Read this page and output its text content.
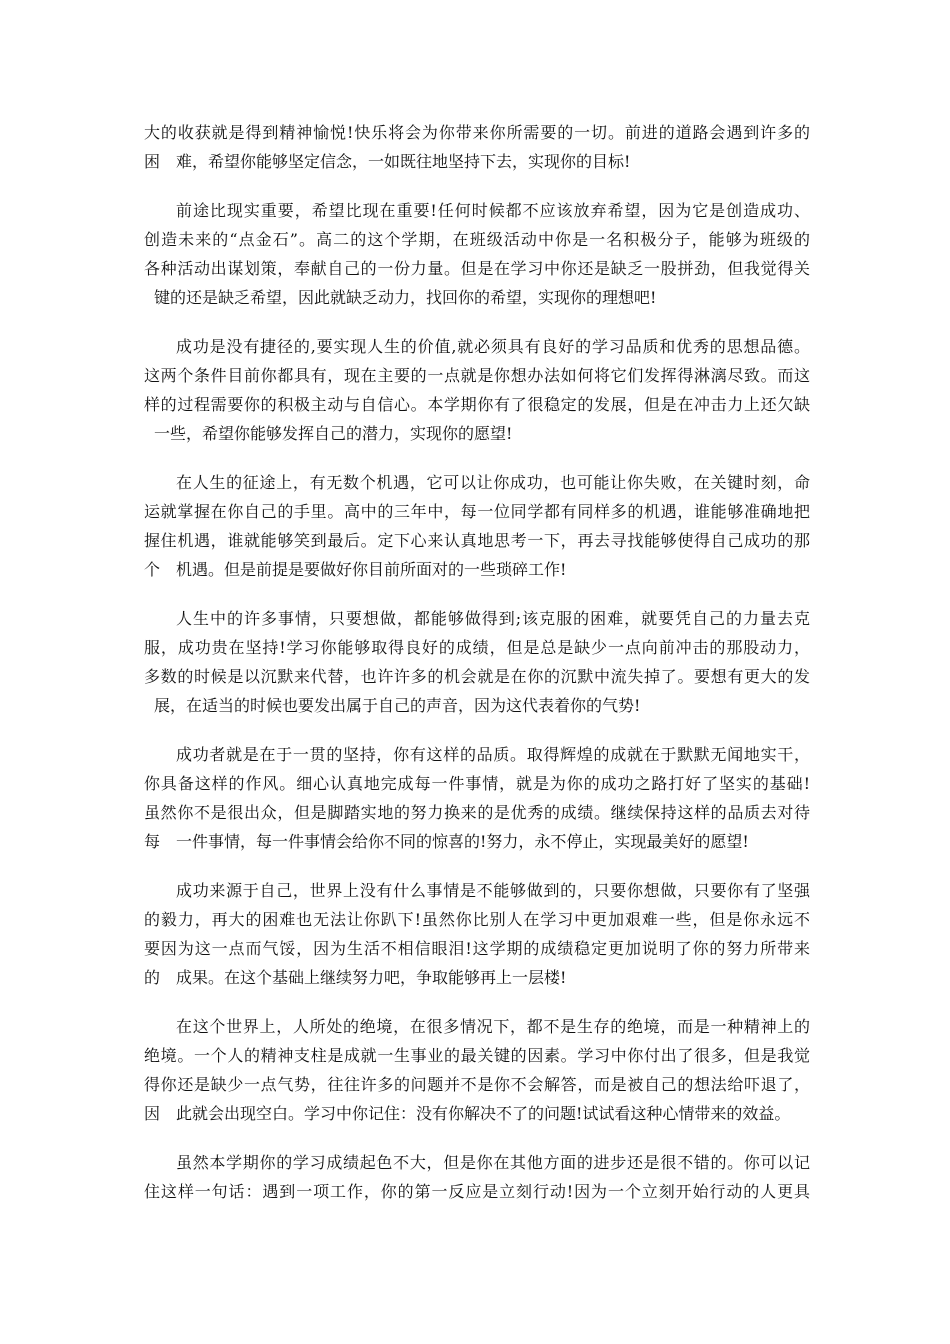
大的收获就是得到精神愉悦!快乐将会为你带来你所需要的一切。前进的道路会遇到许多的
困　难，希望你能够坚定信念，一如既往地坚持下去，实现你的目标!
前途比现实重要，希望比现在重要!任何时候都不应该放弃希望，因为它是创造成功、
创造未来的“点金石”。高二的这个学期，在班级活动中你是一名积极分子，能够为班级的
各种活动出谋划策，奉献自己的一份力量。但是在学习中你还是缺乏一股拼劲，但我觉得关
键的还是缺乏希望，因此就缺乏动力，找回你的希望，实现你的理想吧!
成功是没有捷径的,要实现人生的价值,就必须具有良好的学习品质和优秀的思想品德。
这两个条件目前你都具有，现在主要的一点就是你想办法如何将它们发挥得淋漓尽致。而这
样的过程需要你的积极主动与自信心。本学期你有了很稳定的发展，但是在冲击力上还欠缺
一些，希望你能够发挥自己的潜力，实现你的愿望!
在人生的征途上，有无数个机遇，它可以让你成功，也可能让你失败，在关键时刻，命
运就掌握在你自己的手里。高中的三年中，每一位同学都有同样多的机遇，谁能够准确地把
握住机遇，谁就能够笑到最后。定下心来认真地思考一下，再去寻找能够使得自己成功的那
个　机遇。但是前提是要做好你目前所面对的一些琐碎工作!
人生中的许多事情，只要想做，都能够做得到;该克服的困难，就要凭自己的力量去克
服，成功贵在坚持!学习你能够取得良好的成绩，但是总是缺少一点向前冲击的那股动力，
多数的时候是以沉默来代替，也许许多的机会就是在你的沉默中流失掉了。要想有更大的发
展，在适当的时候也要发出属于自己的声音，因为这代表着你的气势!
成功者就是在于一贯的坚持，你有这样的品质。取得辉煌的成就在于默默无闻地实干，
你具备这样的作风。细心认真地完成每一件事情，就是为你的成功之路打好了坚实的基础!
虽然你不是很出众，但是脚踏实地的努力换来的是优秀的成绩。继续保持这样的品质去对待
每　一件事情，每一件事情会给你不同的惊喜的!努力，永不停止，实现最美好的愿望!
成功来源于自己，世界上没有什么事情是不能够做到的，只要你想做，只要你有了坚强
的毅力，再大的困难也无法让你趴下!虽然你比别人在学习中更加艰难一些，但是你永远不
要因为这一点而气馁，因为生活不相信眼泪!这学期的成绩稳定更加说明了你的努力所带来
的　成果。在这个基础上继续努力吧，争取能够再上一层楼!
在这个世界上，人所处的绝境，在很多情况下，都不是生存的绝境，而是一种精神上的
绝境。一个人的精神支柱是成就一生事业的最关键的因素。学习中你付出了很多，但是我觉
得你还是缺少一点气势，往往许多的问题并不是你不会解答，而是被自己的想法给吓退了，
因　此就会出现空白。学习中你记住：没有你解决不了的问题!试试看这种心情带来的效益。
虽然本学期你的学习成绩起色不大，但是你在其他方面的进步还是很不错的。你可以记
住这样一句话：遇到一项工作，你的第一反应是立刻行动!因为一个立刻开始行动的人更具
